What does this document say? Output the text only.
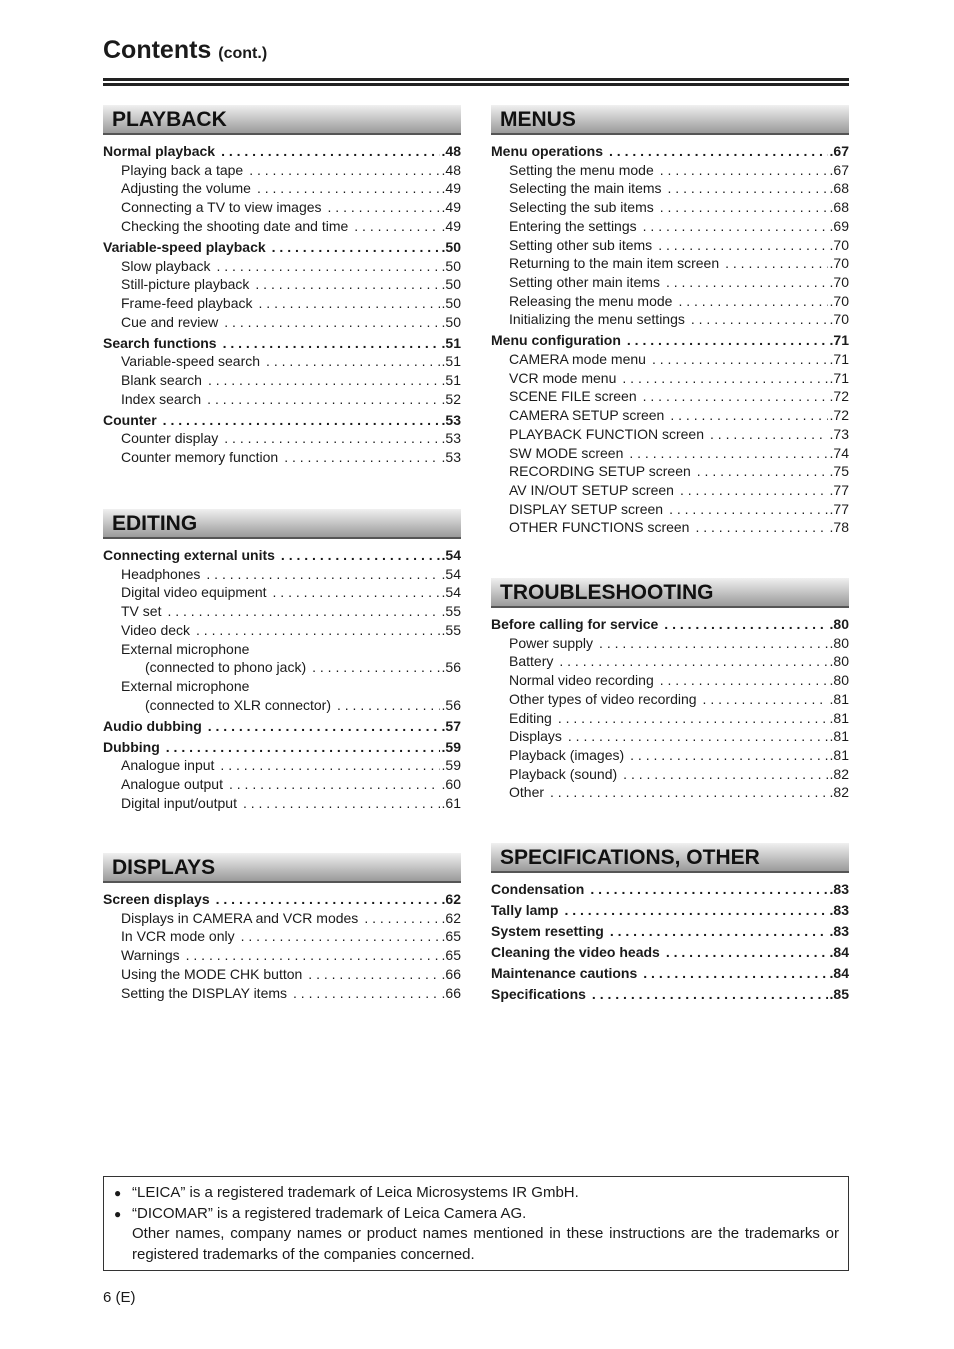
Contents (cont.)
PLAYBACK
Normal playback . . .	.48
Playing back a tape . . .	.48
Adjusting the volume . . .	.49
Connecting a TV to view images . . .	.49
Checking the shooting date and time . . .	.49
Variable-speed playback . . .	.50
Slow playback . . .	.50
Still-picture playback . . .	.50
Frame-feed playback . . .	.50
Cue and review . . .	.50
Search functions . . .	.51
Variable-speed search . . .	.51
Blank search . . .	.51
Index search . . .	.52
Counter . . .	.53
Counter display . . .	.53
Counter memory function . . .	.53
EDITING
Connecting external units . . .	.54
Headphones . . .	.54
Digital video equipment . . .	.54
TV set . . .	.55
Video deck . . .	.55
External microphone
(connected to phono jack) . . .	.56
External microphone
(connected to XLR connector) . . .	.56
Audio dubbing . . .	.57
Dubbing . . .	.59
Analogue input . . .	.59
Analogue output . . .	.60
Digital input/output . . .	.61
DISPLAYS
Screen displays . . .	.62
Displays in CAMERA and VCR modes . . .	.62
In VCR mode only . . .	.65
Warnings . . .	.65
Using the MODE CHK button . . .	.66
Setting the DISPLAY items . . .	.66
MENUS
Menu operations . . .	.67
Setting the menu mode . . .	.67
Selecting the main items . . .	.68
Selecting the sub items . . .	.68
Entering the settings . . .	.69
Setting other sub items . . .	.70
Returning to the main item screen . . .	.70
Setting other main items . . .	.70
Releasing the menu mode . . .	.70
Initializing the menu settings . . .	.70
Menu configuration . . .	.71
CAMERA mode menu . . .	.71
VCR mode menu . . .	.71
SCENE FILE screen . . .	.72
CAMERA SETUP screen . . .	.72
PLAYBACK FUNCTION screen . . .	.73
SW MODE screen . . .	.74
RECORDING SETUP screen . . .	.75
AV IN/OUT SETUP screen . . .	.77
DISPLAY SETUP screen . . .	.77
OTHER FUNCTIONS screen . . .	.78
TROUBLESHOOTING
Before calling for service . . .	.80
Power supply . . .	.80
Battery . . .	.80
Normal video recording . . .	.80
Other types of video recording . . .	.81
Editing . . .	.81
Displays . . .	.81
Playback (images) . . .	.81
Playback (sound) . . .	.82
Other . . .	.82
SPECIFICATIONS, OTHER
Condensation . . .	.83
Tally lamp . . .	.83
System resetting . . .	.83
Cleaning the video heads . . .	.84
Maintenance cautions . . .	.84
Specifications . . .	.85
● “LEICA” is a registered trademark of Leica Microsystems IR GmbH.
● “DICOMAR” is a registered trademark of Leica Camera AG.
Other names, company names or product names mentioned in these instructions are the trademarks or registered trademarks of the companies concerned.
6 (E)
